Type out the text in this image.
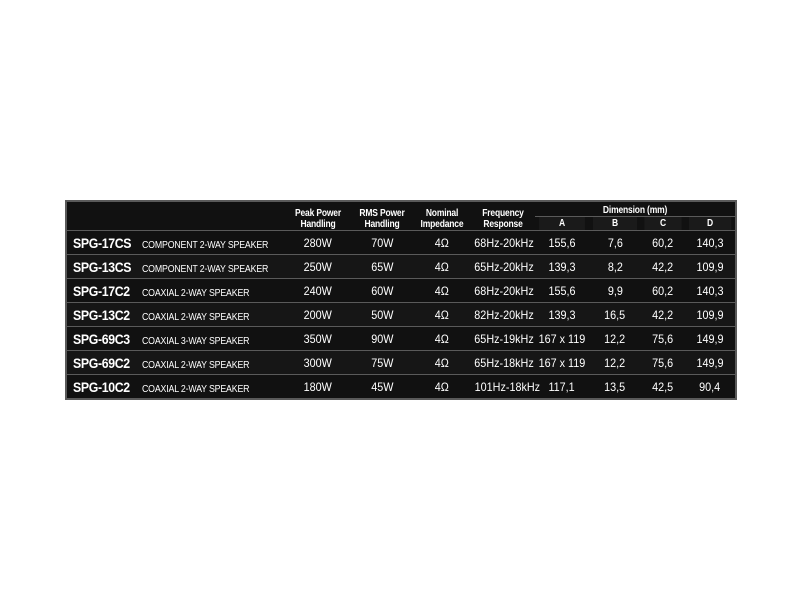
	Peak Power
Handling	RMS Power
Handling	Nominal
Impedance	Frequency
Response	Dimension (mm)			
					A	B	C	D
SPG-17CS COMPONENT 2-WAY SPEAKER	280W	70W	4Ω	68Hz-20kHz	155,6	7,6	60,2	140,3
SPG-13CS COMPONENT 2-WAY SPEAKER	250W	65W	4Ω	65Hz-20kHz	139,3	8,2	42,2	109,9
SPG-17C2 COAXIAL 2-WAY SPEAKER	240W	60W	4Ω	68Hz-20kHz	155,6	9,9	60,2	140,3
SPG-13C2 COAXIAL 2-WAY SPEAKER	200W	50W	4Ω	82Hz-20kHz	139,3	16,5	42,2	109,9
SPG-69C3 COAXIAL 3-WAY SPEAKER	350W	90W	4Ω	65Hz-19kHz	167 x 119	12,2	75,6	149,9
SPG-69C2 COAXIAL 2-WAY SPEAKER	300W	75W	4Ω	65Hz-18kHz	167 x 119	12,2	75,6	149,9
SPG-10C2 COAXIAL 2-WAY SPEAKER	180W	45W	4Ω	101Hz-18kHz	117,1	13,5	42,5	90,4
